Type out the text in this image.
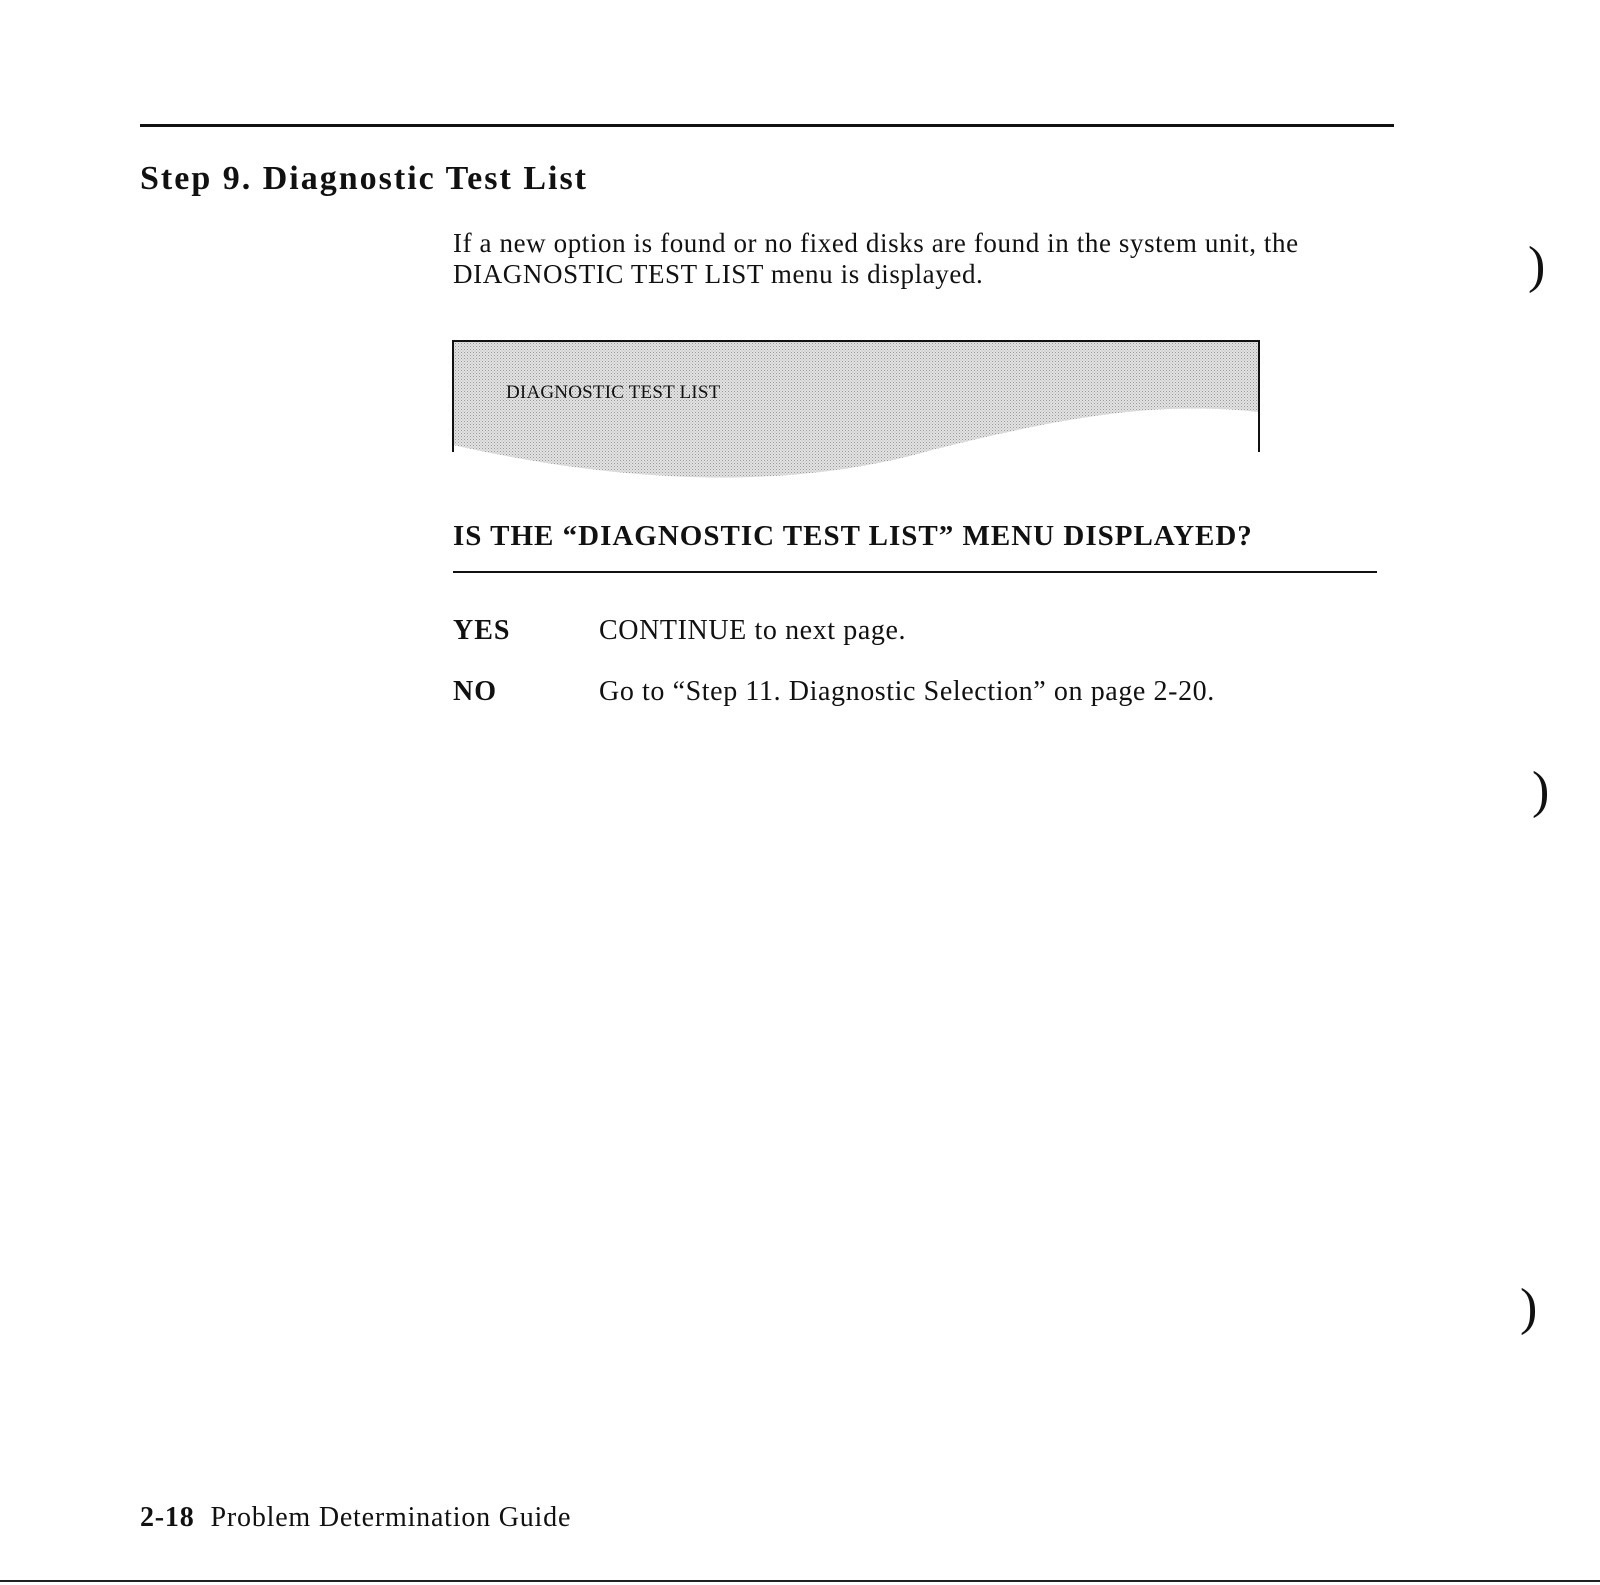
Step 9. Diagnostic Test List

If a new option is found or no fixed disks are found in the system unit, the DIAGNOSTIC TEST LIST menu is displayed.

DIAGNOSTIC TEST LIST
IS THE “DIAGNOSTIC TEST LIST” MENU DISPLAYED?
YES	CONTINUE to next page.
NO	Go to “Step 11. Diagnostic Selection” on page 2-20.
)
)
)
2-18 Problem Determination Guide
